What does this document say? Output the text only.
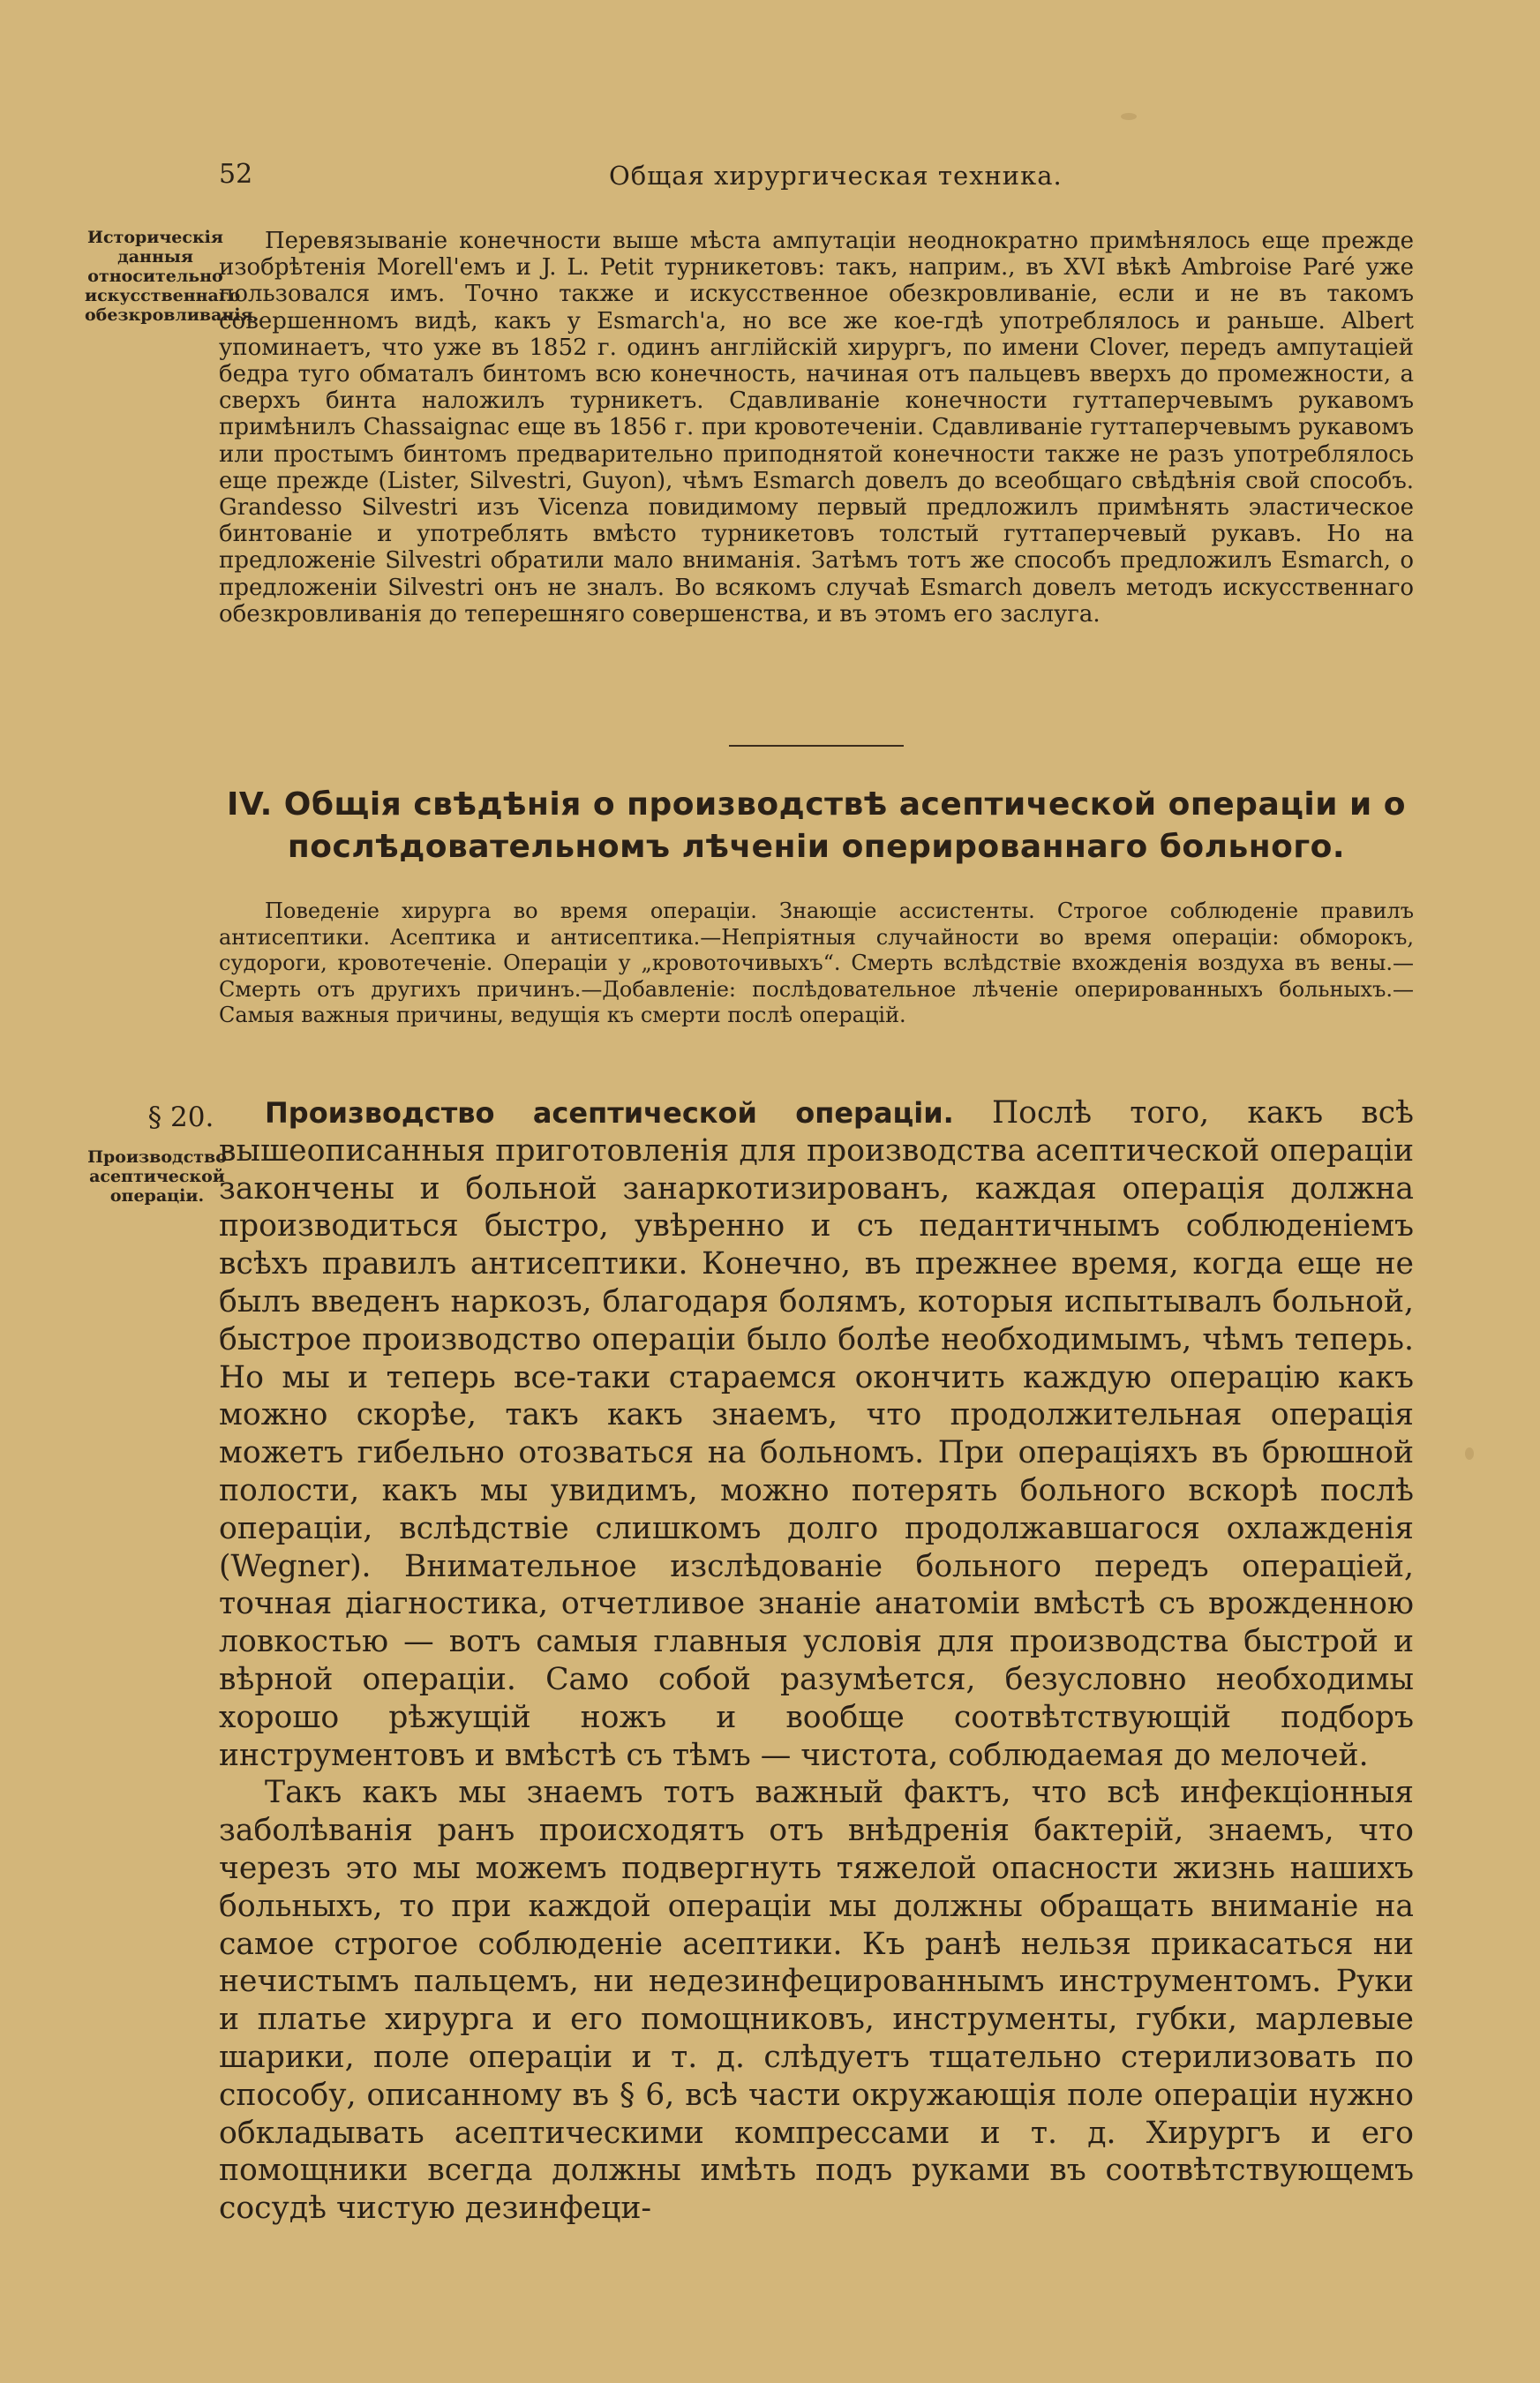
52	Общая хирургическая техника.
Историческія данныя относительно искусственнаго обезкровливанія.
Перевязываніе конечности выше мѣста ампутаціи неоднократно примѣнялось еще прежде изобрѣтенія Morell'емъ и J. L. Petit турникетовъ: такъ, наприм., въ XVI вѣкѣ Ambroise Paré уже пользовался имъ. Точно также и искусственное обезкровливаніе, если и не въ такомъ совершенномъ видѣ, какъ у Esmarch'а, но все же кое-гдѣ употреблялось и раньше. Albert упоминаетъ, что уже въ 1852 г. одинъ англійскій хирургъ, по имени Clover, передъ ампутаціей бедра туго обматалъ бинтомъ всю конечность, начиная отъ пальцевъ вверхъ до промежности, а сверхъ бинта наложилъ турникетъ. Сдавливаніе конечности гуттаперчевымъ рукавомъ примѣнилъ Chassaignac еще въ 1856 г. при кровотеченіи. Сдавливаніе гуттаперчевымъ рукавомъ или простымъ бинтомъ предварительно приподнятой конечности также не разъ употреблялось еще прежде (Lister, Silvestri, Guyon), чѣмъ Esmarch довелъ до всеобщаго свѣдѣнія свой способъ. Grandesso Silvestri изъ Vicenza повидимому первый предложилъ примѣнять эластическое бинтованіе и употреблять вмѣсто турникетовъ толстый гуттаперчевый рукавъ. Но на предложеніе Silvestri обратили мало вниманія. Затѣмъ тотъ же способъ предложилъ Esmarch, о предложеніи Silvestri онъ не зналъ. Во всякомъ случаѣ Esmarch довелъ методъ искусственнаго обезкровливанія до теперешняго совершенства, и въ этомъ его заслуга.
IV. Общія свѣдѣнія о производствѣ асептической операціи и о послѣдовательномъ лѣченіи оперированнаго больного.
Поведеніе хирурга во время операціи. Знающіе ассистенты. Строгое соблюденіе правилъ антисептики. Асептика и антисептика.—Непріятныя случайности во время операціи: обморокъ, судороги, кровотеченіе. Операціи у „кровоточивыхъ“. Смерть вслѣдствіе вхожденія воздуха въ вены.—Смерть отъ другихъ причинъ.—Добавленіе: послѣдовательное лѣченіе оперированныхъ больныхъ.—Самыя важныя причины, ведущія къ смерти послѣ операцій.
§ 20.
Производство асептической операціи.

Производство асептической операціи. Послѣ того, какъ всѣ вышеописанныя приготовленія для производства асептической операціи закончены и больной занаркотизированъ, каждая операція должна производиться быстро, увѣренно и съ педантичнымъ соблюденіемъ всѣхъ правилъ антисептики. Конечно, въ прежнее время, когда еще не былъ введенъ наркозъ, благодаря болямъ, которыя испытывалъ больной, быстрое производство операціи было болѣе необходимымъ, чѣмъ теперь. Но мы и теперь все-таки стараемся окончить каждую операцію какъ можно скорѣе, такъ какъ знаемъ, что продолжительная операція можетъ гибельно отозваться на больномъ. При операціяхъ въ брюшной полости, какъ мы увидимъ, можно потерять больного вскорѣ послѣ операціи, вслѣдствіе слишкомъ долго продолжавшагося охлажденія (Wegner). Внимательное изслѣдованіе больного передъ операціей, точная діагностика, отчетливое знаніе анатоміи вмѣстѣ съ врожденною ловкостью — вотъ самыя главныя условія для производства быстрой и вѣрной операціи. Само собой разумѣется, безусловно необходимы хорошо рѣжущій ножъ и вообще соотвѣтствующій подборъ инструментовъ и вмѣстѣ съ тѣмъ — чистота, соблюдаемая до мелочей.

Такъ какъ мы знаемъ тотъ важный фактъ, что всѣ инфекціонныя заболѣванія ранъ происходятъ отъ внѣдренія бактерій, знаемъ, что черезъ это мы можемъ подвергнуть тяжелой опасности жизнь нашихъ больныхъ, то при каждой операціи мы должны обращать вниманіе на самое строгое соблюденіе асептики. Къ ранѣ нельзя прикасаться ни нечистымъ пальцемъ, ни недезинфецированнымъ инструментомъ. Руки и платье хирурга и его помощниковъ, инструменты, губки, марлевые шарики, поле операціи и т. д. слѣдуетъ тщательно стерилизовать по способу, описанному въ § 6, всѣ части окружающія поле операціи нужно обкладывать асептическими компрессами и т. д. Хирургъ и его помощники всегда должны имѣть подъ руками въ соотвѣтствующемъ сосудѣ чистую дезинфеци-
